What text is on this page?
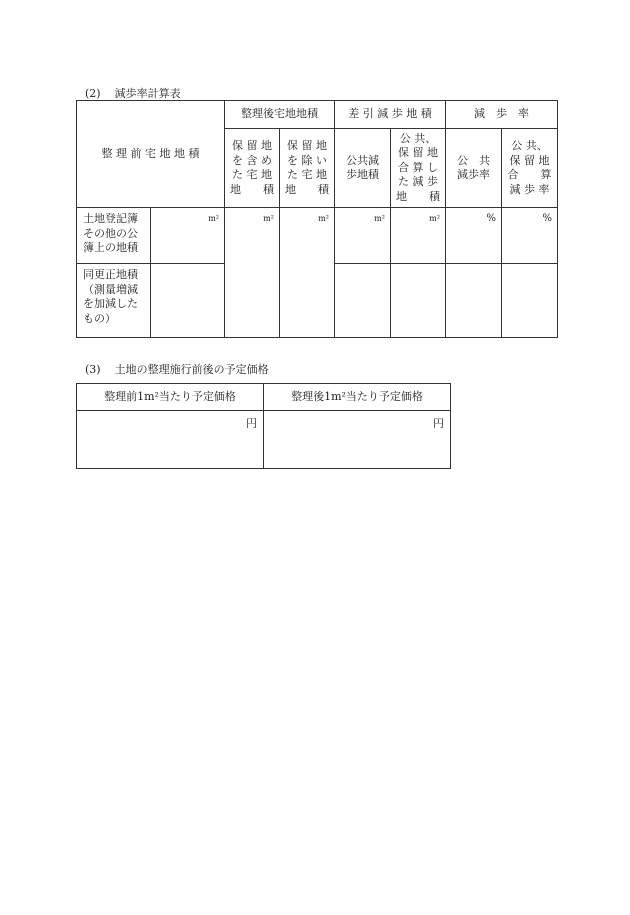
(2) 減歩率計算表
整 理 前 宅 地 地 積		整理後宅地地積		差 引 減 歩 地 積		減　歩　率	

		保 留 地
を 含 め
た 宅 地
地　　積	保 留 地
を 除 い
た 宅 地
地　　積	公共減
歩地積	公 共、
保 留 地
合 算 し
た 減 歩
地　　積	公　共
減歩率	公 共、
保 留 地
合　　算
減 歩 率

土地登記簿
その他の公
簿上の地積	m²	m²	m²	m²	m²	%	%

同更正地積
（測量増減
を加減した
もの）							

(3) 土地の整理施行前後の予定価格
整理前1m²当たり予定価格	整理後1m²当たり予定価格
円	円
